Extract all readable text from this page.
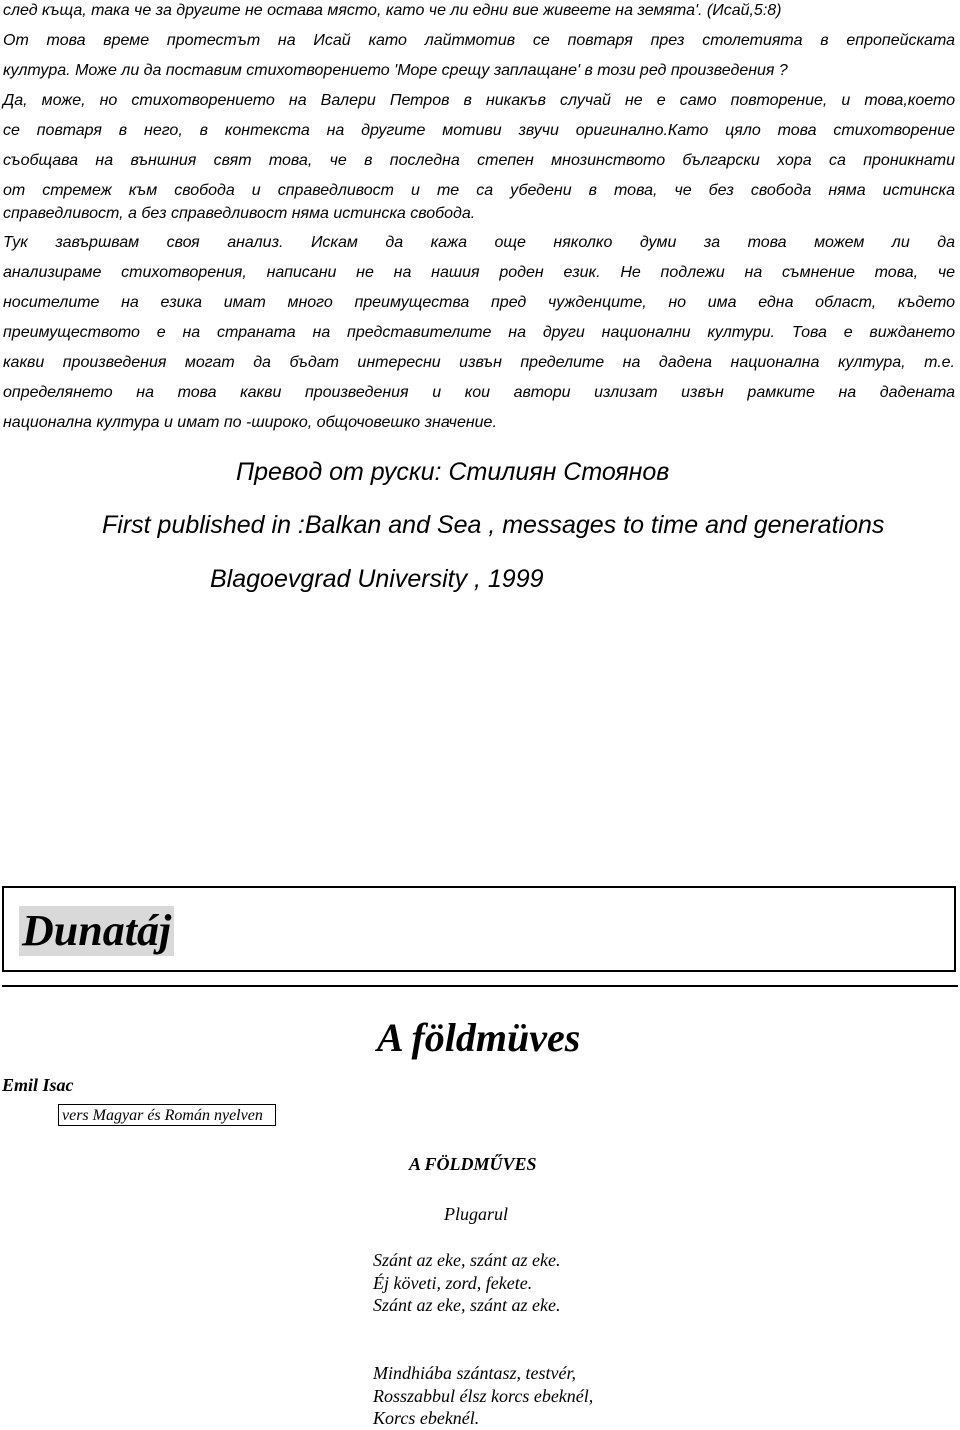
след къща, така че за другите не остава място, като че ли едни вие живеете на земята'. (Исай,5:8)
От това време протестът на Исай като лайтмотив се повтаря през столетията в епропейската
култура. Може ли да поставим стихотворението 'Море срещу заплащане' в този ред произведения ?
Да, може, но стихотворението на Валери Петров в никакъв случай не е само повторение, и това,което
се повтаря в него, в контекста на другите мотиви звучи оригинално.Като цяло това стихотворение
съобщава на външния свят това, че в последна степен мнозинството български хора са проникнати
от стремеж към свобода и справедливост и те са убедени в това, че без свобода няма истинска
справедливост, а без справедливост няма истинска свобода.
Тук завършвам своя анализ. Искам да кажа още няколко думи за това можем ли да
анализираме стихотворения, написани не на нашия роден език. Не подлежи на съмнение това, че
носителите на езика имат много преимущества пред чужденците, но има една област, където
преимуществото е на страната на представителите на други национални култури. Това е виждането
какви произведения могат да бъдат интересни извън пределите на дадена национална култура, т.е.
определянето на това какви произведения и кои автори излизат извън рамките на дадената
национална култура и имат по -широко, общочовешко значение.
Превод от руски: Стилиян Стоянов
First published in :Balkan and Sea , messages to time and generations
Blagoevgrad University , 1999
Dunatáj
A földmüves
Emil Isac
vers Magyar és Román nyelven
A FÖLDMŰVES
Plugarul
Szánt az eke, szánt az eke.
Éj követi, zord, fekete.
Szánt az eke, szánt az eke.
Mindhiába szántasz, testvér,
Rosszabbul élsz korcs ebeknél,
Korcs ebeknél.
